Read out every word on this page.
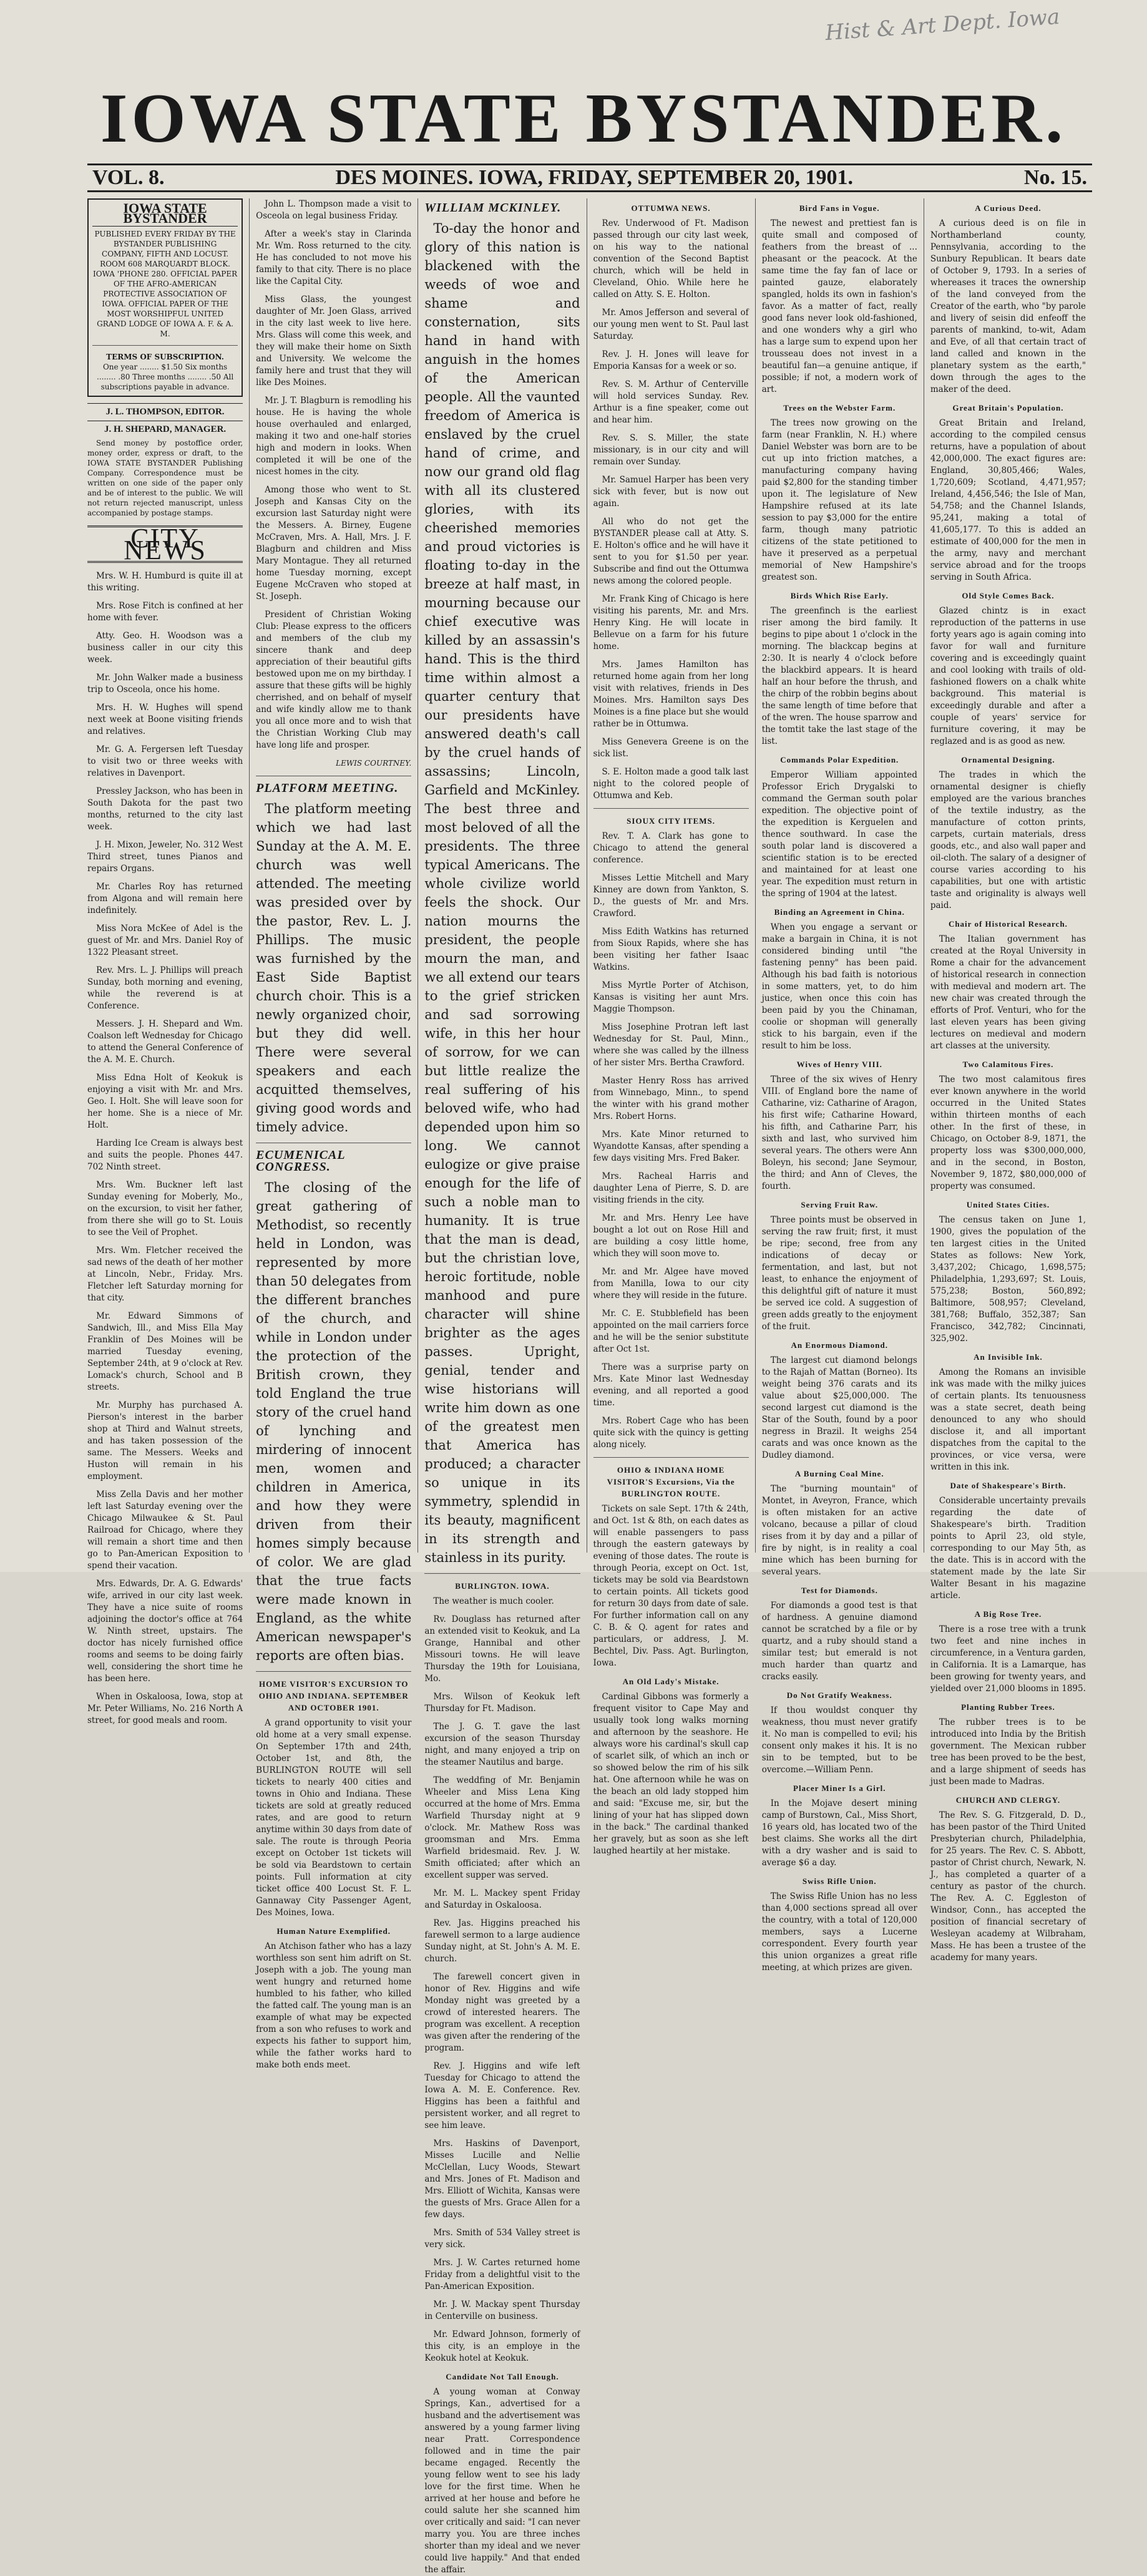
Hist & Art Dept. Iowa
IOWA STATE BYSTANDER.
VOL. 8.	DES MOINES. IOWA, FRIDAY, SEPTEMBER 20, 1901.	No. 15.
IOWA STATE BYSTANDER
PUBLISHED EVERY FRIDAY BY THE BYSTANDER PUBLISHING COMPANY, FIFTH AND LOCUST. ROOM 608 MARQUARDT BLOCK. IOWA 'PHONE 280. OFFICIAL PAPER OF THE AFRO-AMERICAN PROTECTIVE ASSOCIATION OF IOWA. OFFICIAL PAPER OF THE MOST WORSHIPFUL UNITED GRAND LODGE OF IOWA A. F. & A. M.
TERMS OF SUBSCRIPTION.
One year ........ $1.50 Six months ........ .80 Three months ........ .50 All subscriptions payable in advance.
J. L. THOMPSON, EDITOR.
J. H. SHEPARD, MANAGER.

Send money by postoffice order, money order, express or draft, to the IOWA STATE BYSTANDER Publishing Company. Correspondence must be written on one side of the paper only and be of interest to the public. We will not return rejected manuscript, unless accompanied by postage stamps.

CITY NEWS

Mrs. W. H. Humburd is quite ill at this writing.

Mrs. Rose Fitch is confined at her home with fever.

Atty. Geo. H. Woodson was a business caller in our city this week.

Mr. John Walker made a business trip to Osceola, once his home.

Mrs. H. W. Hughes will spend next week at Boone visiting friends and relatives.

Mr. G. A. Fergersen left Tuesday to visit two or three weeks with relatives in Davenport.

Pressley Jackson, who has been in South Dakota for the past two months, returned to the city last week.

J. H. Mixon, Jeweler, No. 312 West Third street, tunes Pianos and repairs Organs.

Mr. Charles Roy has returned from Algona and will remain here indefinitely.

Miss Nora McKee of Adel is the guest of Mr. and Mrs. Daniel Roy of 1322 Pleasant street.

Rev. Mrs. L. J. Phillips will preach Sunday, both morning and evening, while the reverend is at Conference.

Messers. J. H. Shepard and Wm. Coalson left Wednesday for Chicago to attend the General Conference of the A. M. E. Church.

Miss Edna Holt of Keokuk is enjoying a visit with Mr. and Mrs. Geo. I. Holt. She will leave soon for her home. She is a niece of Mr. Holt.

Harding Ice Cream is always best and suits the people. Phones 447. 702 Ninth street.

Mrs. Wm. Buckner left last Sunday evening for Moberly, Mo., on the excursion, to visit her father, from there she will go to St. Louis to see the Veil of Prophet.

Mrs. Wm. Fletcher received the sad news of the death of her mother at Lincoln, Nebr., Friday. Mrs. Fletcher left Saturday morning for that city.

Mr. Edward Simmons of Sandwich, Ill., and Miss Ella May Franklin of Des Moines will be married Tuesday evening, September 24th, at 9 o'clock at Rev. Lomack's church, School and B streets.

Mr. Murphy has purchased A. Pierson's interest in the barber shop at Third and Walnut streets, and has taken possession of the same. The Messers. Weeks and Huston will remain in his employment.

Miss Zella Davis and her mother left last Saturday evening over the Chicago Milwaukee & St. Paul Railroad for Chicago, where they will remain a short time and then go to Pan-American Exposition to spend their vacation.

Mrs. Edwards, Dr. A. G. Edwards' wife, arrived in our city last week. They have a nice suite of rooms adjoining the doctor's office at 764 W. Ninth street, upstairs. The doctor has nicely furnished office rooms and seems to be doing fairly well, considering the short time he has been here.

When in Oskaloosa, Iowa, stop at Mr. Peter Williams, No. 216 North A street, for good meals and room.

John L. Thompson made a visit to Osceola on legal business Friday.

After a week's stay in Clarinda Mr. Wm. Ross returned to the city. He has concluded to not move his family to that city. There is no place like the Capital City.

Miss Glass, the youngest daughter of Mr. Joen Glass, arrived in the city last week to live here. Mrs. Glass will come this week, and they will make their home on Sixth and University. We welcome the family here and trust that they will like Des Moines.

Mr. J. T. Blagburn is remodling his house. He is having the whole house overhauled and enlarged, making it two and one-half stories high and modern in looks. When completed it will be one of the nicest homes in the city.

Among those who went to St. Joseph and Kansas City on the excursion last Saturday night were the Messers. A. Birney, Eugene McCraven, Mrs. A. Hall, Mrs. J. F. Blagburn and children and Miss Mary Montague. They all returned home Tuesday morning, except Eugene McCraven who stoped at St. Joseph.

President of Christian Woking Club: Please express to the officers and members of the club my sincere thank and deep appreciation of their beautiful gifts bestowed upon me on my birthday. I assure that these gifts will be highly cherrished, and on behalf of myself and wife kindly allow me to thank you all once more and to wish that the Christian Working Club may have long life and prosper.

LEWIS COURTNEY.
PLATFORM MEETING.

The platform meeting which we had last Sunday at the A. M. E. church was well attended. The meeting was presided over by the pastor, Rev. L. J. Phillips. The music was furnished by the East Side Baptist church choir. This is a newly organized choir, but they did well. There were several speakers and each acquitted themselves, giving good words and timely advice.

ECUMENICAL CONGRESS.

The closing of the great gathering of Methodist, so recently held in London, was represented by more than 50 delegates from the different branches of the church, and while in London under the protection of the British crown, they told England the true story of the cruel hand of lynching and mirdering of innocent men, women and children in America, and how they were driven from their homes simply because of color. We are glad that the true facts were made known in England, as the white American newspaper's reports are often bias.

HOME VISITOR'S EXCURSION TO OHIO AND INDIANA. SEPTEMBER AND OCTOBER 1901.

A grand opportunity to visit your old home at a very small expense. On September 17th and 24th, October 1st, and 8th, the BURLINGTON ROUTE will sell tickets to nearly 400 cities and towns in Ohio and Indiana. These tickets are sold at greatly reduced rates, and are good to return anytime within 30 days from date of sale. The route is through Peoria except on October 1st tickets will be sold via Beardstown to certain points. Full information at city ticket office 400 Locust St. F. L. Gannaway City Passenger Agent, Des Moines, Iowa.

Human Nature Exemplified.

An Atchison father who has a lazy worthless son sent him adrift on St. Joseph with a job. The young man went hungry and returned home humbled to his father, who killed the fatted calf. The young man is an example of what may be expected from a son who refuses to work and expects his father to support him, while the father works hard to make both ends meet.

WILLIAM MCKINLEY.

To-day the honor and glory of this nation is blackened with the weeds of woe and shame and consternation, sits hand in hand with anguish in the homes of the American people. All the vaunted freedom of America is enslaved by the cruel hand of crime, and now our grand old flag with all its clustered glories, with its cheerished memories and proud victories is floating to-day in the breeze at half mast, in mourning because our chief executive was killed by an assassin's hand. This is the third time within almost a quarter century that our presidents have answered death's call by the cruel hands of assassins; Lincoln, Garfield and McKinley. The best three and most beloved of all the presidents. The three typical Americans. The whole civilize world feels the shock. Our nation mourns the president, the people mourn the man, and we all extend our tears to the grief stricken and sad sorrowing wife, in this her hour of sorrow, for we can but little realize the real suffering of his beloved wife, who had depended upon him so long. We cannot eulogize or give praise enough for the life of such a noble man to humanity. It is true that the man is dead, but the christian love, heroic fortitude, noble manhood and pure character will shine brighter as the ages passes. Upright, genial, tender and wise historians will write him down as one of the greatest men that America has produced; a character so unique in its symmetry, splendid in its beauty, magnificent in its strength and stainless in its purity.

BURLINGTON. IOWA.

The weather is much cooler.

Rv. Douglass has returned after an extended visit to Keokuk, and La Grange, Hannibal and other Missouri towns. He will leave Thursday the 19th for Louisiana, Mo.

Mrs. Wilson of Keokuk left Thursday for Ft. Madison.

The J. G. T. gave the last excursion of the season Thursday night, and many enjoyed a trip on the steamer Nautilus and barge.

The weddfing of Mr. Benjamin Wheeler and Miss Lena King occurred at the home of Mrs. Emma Warfield Thursday night at 9 o'clock. Mr. Mathew Ross was groomsman and Mrs. Emma Warfield bridesmaid. Rev. J. W. Smith officiated; after which an excellent supper was served.

Mr. M. L. Mackey spent Friday and Saturday in Oskaloosa.

Rev. Jas. Higgins preached his farewell sermon to a large audience Sunday night, at St. John's A. M. E. church.

The farewell concert given in honor of Rev. Higgins and wife Monday night was greeted by a crowd of interested hearers. The program was excellent. A reception was given after the rendering of the program.

Rev. J. Higgins and wife left Tuesday for Chicago to attend the Iowa A. M. E. Conference. Rev. Higgins has been a faithful and persistent worker, and all regret to see him leave.

Mrs. Haskins of Davenport, Misses Lucille and Nellie McClellan, Lucy Woods, Stewart and Mrs. Jones of Ft. Madison and Mrs. Elliott of Wichita, Kansas were the guests of Mrs. Grace Allen for a few days.

Mrs. Smith of 534 Valley street is very sick.

Mrs. J. W. Cartes returned home Friday from a delightful visit to the Pan-American Exposition.

Mr. J. W. Mackay spent Thursday in Centerville on business.

Mr. Edward Johnson, formerly of this city, is an employe in the Keokuk hotel at Keokuk.

Candidate Not Tall Enough.

A young woman at Conway Springs, Kan., advertised for a husband and the advertisement was answered by a young farmer living near Pratt. Correspondence followed and in time the pair became engaged. Recently the young fellow went to see his lady love for the first time. When he arrived at her house and before he could salute her she scanned him over critically and said: "I can never marry you. You are three inches shorter than my ideal and we never could live happily." And that ended the affair.

OTTUMWA NEWS.

Rev. Underwood of Ft. Madison passed through our city last week, on his way to the national convention of the Second Baptist church, which will be held in Cleveland, Ohio. While here he called on Atty. S. E. Holton.

Mr. Amos Jefferson and several of our young men went to St. Paul last Saturday.

Rev. J. H. Jones will leave for Emporia Kansas for a week or so.

Rev. S. M. Arthur of Centerville will hold services Sunday. Rev. Arthur is a fine speaker, come out and hear him.

Rev. S. S. Miller, the state missionary, is in our city and will remain over Sunday.

Mr. Samuel Harper has been very sick with fever, but is now out again.

All who do not get the BYSTANDER please call at Atty. S. E. Holton's office and he will have it sent to you for $1.50 per year. Subscribe and find out the Ottumwa news among the colored people.

Mr. Frank King of Chicago is here visiting his parents, Mr. and Mrs. Henry King. He will locate in Bellevue on a farm for his future home.

Mrs. James Hamilton has returned home again from her long visit with relatives, friends in Des Moines. Mrs. Hamilton says Des Moines is a fine place but she would rather be in Ottumwa.

Miss Genevera Greene is on the sick list.

S. E. Holton made a good talk last night to the colored people of Ottumwa and Keb.

SIOUX CITY ITEMS.

Rev. T. A. Clark has gone to Chicago to attend the general conference.

Misses Lettie Mitchell and Mary Kinney are down from Yankton, S. D., the guests of Mr. and Mrs. Crawford.

Miss Edith Watkins has returned from Sioux Rapids, where she has been visiting her father Isaac Watkins.

Miss Myrtle Porter of Atchison, Kansas is visiting her aunt Mrs. Maggie Thompson.

Miss Josephine Protran left last Wednesday for St. Paul, Minn., where she was called by the illness of her sister Mrs. Bertha Crawford.

Master Henry Ross has arrived from Winnebago, Minn., to spend the winter with his grand mother Mrs. Robert Horns.

Mrs. Kate Minor returned to Wyandotte Kansas, after spending a few days visiting Mrs. Fred Baker.

Mrs. Racheal Harris and daughter Lena of Pierre, S. D. are visiting friends in the city.

Mr. and Mrs. Henry Lee have bought a lot out on Rose Hill and are building a cosy little home, which they will soon move to.

Mr. and Mr. Algee have moved from Manilla, Iowa to our city where they will reside in the future.

Mr. C. E. Stubblefield has been appointed on the mail carriers force and he will be the senior substitute after Oct 1st.

There was a surprise party on Mrs. Kate Minor last Wednesday evening, and all reported a good time.

Mrs. Robert Cage who has been quite sick with the quincy is getting along nicely.

OHIO & INDIANA HOME VISITOR'S Excursions, Via the BURLINGTON ROUTE.

Tickets on sale Sept. 17th & 24th, and Oct. 1st & 8th, on each dates as will enable passengers to pass through the eastern gateways by evening of those dates. The route is through Peoria, except on Oct. 1st, tickets may be sold via Beardstown to certain points. All tickets good for return 30 days from date of sale. For further information call on any C. B. & Q. agent for rates and particulars, or address, J. M. Bechtel, Div. Pass. Agt. Burlington, Iowa.

An Old Lady's Mistake.

Cardinal Gibbons was formerly a frequent visitor to Cape May and usually took long walks morning and afternoon by the seashore. He always wore his cardinal's skull cap of scarlet silk, of which an inch or so showed below the rim of his silk hat. One afternoon while he was on the beach an old lady stopped him and said: "Excuse me, sir, but the lining of your hat has slipped down in the back." The cardinal thanked her gravely, but as soon as she left laughed heartily at her mistake.

Bird Fans in Vogue.

The newest and prettiest fan is quite small and composed of feathers from the breast of ... pheasant or the peacock. At the same time the fay fan of lace or painted gauze, elaborately spangled, holds its own in fashion's favor. As a matter of fact, really good fans never look old-fashioned, and one wonders why a girl who has a large sum to expend upon her trousseau does not invest in a beautiful fan—a genuine antique, if possible; if not, a modern work of art.

Trees on the Webster Farm.

The trees now growing on the farm (near Franklin, N. H.) where Daniel Webster was born are to be cut up into friction matches, a manufacturing company having paid $2,800 for the standing timber upon it. The legislature of New Hampshire refused at its late session to pay $3,000 for the entire farm, though many patriotic citizens of the state petitioned to have it preserved as a perpetual memorial of New Hampshire's greatest son.

Birds Which Rise Early.

The greenfinch is the earliest riser among the bird family. It begins to pipe about 1 o'clock in the morning. The blackcap begins at 2:30. It is nearly 4 o'clock before the blackbird appears. It is heard half an hour before the thrush, and the chirp of the robbin begins about the same length of time before that of the wren. The house sparrow and the tomtit take the last stage of the list.

Commands Polar Expedition.

Emperor William appointed Professor Erich Drygalski to command the German south polar expedition. The objective point of the expedition is Kerguelen and thence southward. In case the south polar land is discovered a scientific station is to be erected and maintained for at least one year. The expedition must return in the spring of 1904 at the latest.

Binding an Agreement in China.

When you engage a servant or make a bargain in China, it is not considered binding until "the fastening penny" has been paid. Although his bad faith is notorious in some matters, yet, to do him justice, when once this coin has been paid by you the Chinaman, coolie or shopman will generally stick to his bargain, even if the result to him be loss.

Wives of Henry VIII.

Three of the six wives of Henry VIII. of England bore the name of Catharine, viz: Catharine of Aragon, his first wife; Catharine Howard, his fifth, and Catharine Parr, his sixth and last, who survived him several years. The others were Ann Boleyn, his second; Jane Seymour, the third; and Ann of Cleves, the fourth.

Serving Fruit Raw.

Three points must be observed in serving the raw fruit; first, it must be ripe; second, free from any indications of decay or fermentation, and last, but not least, to enhance the enjoyment of this delightful gift of nature it must be served ice cold. A suggestion of green adds greatly to the enjoyment of the fruit.

An Enormous Diamond.

The largest cut diamond belongs to the Rajah of Mattan (Borneo). Its weight being 376 carats and its value about $25,000,000. The second largest cut diamond is the Star of the South, found by a poor negress in Brazil. It weighs 254 carats and was once known as the Dudley diamond.

A Burning Coal Mine.

The "burning mountain" of Montet, in Aveyron, France, which is often mistaken for an active volcano, because a pillar of cloud rises from it by day and a pillar of fire by night, is in reality a coal mine which has been burning for several years.

Test for Diamonds.

For diamonds a good test is that of hardness. A genuine diamond cannot be scratched by a file or by quartz, and a ruby should stand a similar test; but emerald is not much harder than quartz and cracks easily.

Do Not Gratify Weakness.

If thou wouldst conquer thy weakness, thou must never gratify it. No man is compelled to evil; his consent only makes it his. It is no sin to be tempted, but to be overcome.—William Penn.

Placer Miner Is a Girl.

In the Mojave desert mining camp of Burstown, Cal., Miss Short, 16 years old, has located two of the best claims. She works all the dirt with a dry washer and is said to average $6 a day.

Swiss Rifle Union.

The Swiss Rifle Union has no less than 4,000 sections spread all over the country, with a total of 120,000 members, says a Lucerne correspondent. Every fourth year this union organizes a great rifle meeting, at which prizes are given.

A Curious Deed.

A curious deed is on file in Northamberland county, Pennsylvania, according to the Sunbury Republican. It bears date of October 9, 1793. In a series of whereases it traces the ownership of the land conveyed from the Creator of the earth, who "by parole and livery of seisin did enfeoff the parents of mankind, to-wit, Adam and Eve, of all that certain tract of land called and known in the planetary system as the earth," down through the ages to the maker of the deed.

Great Britain's Population.

Great Britain and Ireland, according to the compiled census returns, have a population of about 42,000,000. The exact figures are: England, 30,805,466; Wales, 1,720,609; Scotland, 4,471,957; Ireland, 4,456,546; the Isle of Man, 54,758; and the Channel Islands, 95,241, making a total of 41,605,177. To this is added an estimate of 400,000 for the men in the army, navy and merchant service abroad and for the troops serving in South Africa.

Old Style Comes Back.

Glazed chintz is in exact reproduction of the patterns in use forty years ago is again coming into favor for wall and furniture covering and is exceedingly quaint and cool looking with trails of old-fashioned flowers on a chalk white background. This material is exceedingly durable and after a couple of years' service for furniture covering, it may be reglazed and is as good as new.

Ornamental Designing.

The trades in which the ornamental designer is chiefly employed are the various branches of the textile industry, as the manufacture of cotton prints, carpets, curtain materials, dress goods, etc., and also wall paper and oil-cloth. The salary of a designer of course varies according to his capabilities, but one with artistic taste and originality is always well paid.

Chair of Historical Research.

The Italian government has created at the Royal University in Rome a chair for the advancement of historical research in connection with medieval and modern art. The new chair was created through the efforts of Prof. Venturi, who for the last eleven years has been giving lectures on medieval and modern art classes at the university.

Two Calamitous Fires.

The two most calamitous fires ever known anywhere in the world occurred in the United States within thirteen months of each other. In the first of these, in Chicago, on October 8-9, 1871, the property loss was $300,000,000, and in the second, in Boston, November 9, 1872, $80,000,000 of property was consumed.

United States Cities.

The census taken on June 1, 1900, gives the population of the ten largest cities in the United States as follows: New York, 3,437,202; Chicago, 1,698,575; Philadelphia, 1,293,697; St. Louis, 575,238; Boston, 560,892; Baltimore, 508,957; Cleveland, 381,768; Buffalo, 352,387; San Francisco, 342,782; Cincinnati, 325,902.

An Invisible Ink.

Among the Romans an invisible ink was made with the milky juices of certain plants. Its tenuousness was a state secret, death being denounced to any who should disclose it, and all important dispatches from the capital to the provinces, or vice versa, were written in this ink.

Date of Shakespeare's Birth.

Considerable uncertainty prevails regarding the date of Shakespeare's birth. Tradition points to April 23, old style, corresponding to our May 5th, as the date. This is in accord with the statement made by the late Sir Walter Besant in his magazine article.

A Big Rose Tree.

There is a rose tree with a trunk two feet and nine inches in circumference, in a Ventura garden, in California. It is a Lamarque, has been growing for twenty years, and yielded over 21,000 blooms in 1895.

Planting Rubber Trees.

The rubber trees is to be introduced into India by the British government. The Mexican rubber tree has been proved to be the best, and a large shipment of seeds has just been made to Madras.

CHURCH AND CLERGY.

The Rev. S. G. Fitzgerald, D. D., has been pastor of the Third United Presbyterian church, Philadelphia, for 25 years. The Rev. C. S. Abbott, pastor of Christ church, Newark, N. J., has completed a quarter of a century as pastor of the church. The Rev. A. C. Eggleston of Windsor, Conn., has accepted the position of financial secretary of Wesleyan academy at Wilbraham, Mass. He has been a trustee of the academy for many years.
